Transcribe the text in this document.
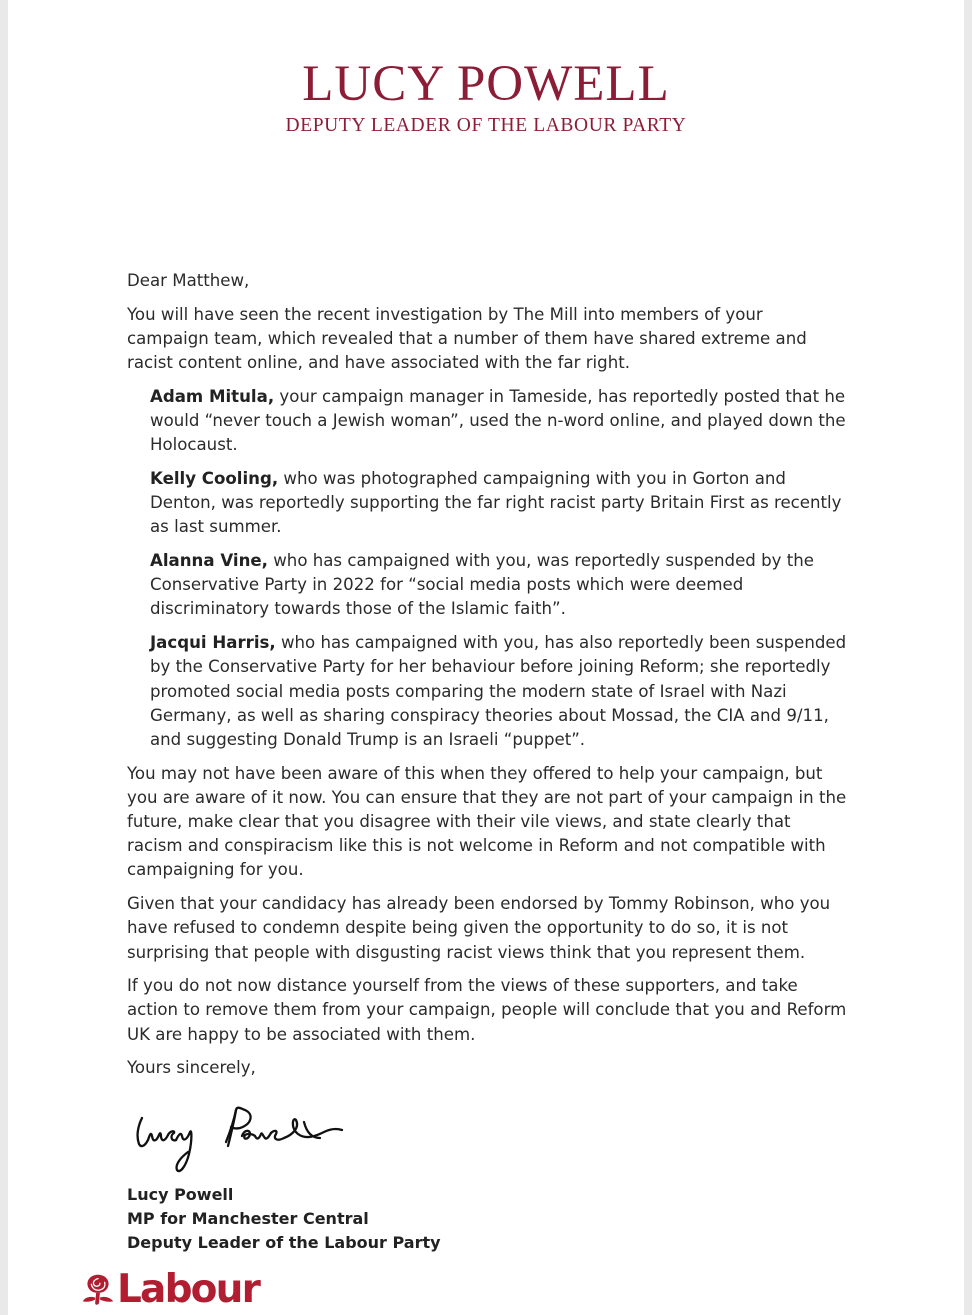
LUCY POWELL
DEPUTY LEADER OF THE LABOUR PARTY

Dear Matthew,

You will have seen the recent investigation by The Mill into members of your campaign team, which revealed that a number of them have shared extreme and racist content online, and have associated with the far right.

Adam Mitula, your campaign manager in Tameside, has reportedly posted that he would “never touch a Jewish woman”, used the n-word online, and played down the Holocaust.

Kelly Cooling, who was photographed campaigning with you in Gorton and Denton, was reportedly supporting the far right racist party Britain First as recently as last summer.

Alanna Vine, who has campaigned with you, was reportedly suspended by the Conservative Party in 2022 for “social media posts which were deemed discriminatory towards those of the Islamic faith”.

Jacqui Harris, who has campaigned with you, has also reportedly been suspended by the Conservative Party for her behaviour before joining Reform; she reportedly promoted social media posts comparing the modern state of Israel with Nazi Germany, as well as sharing conspiracy theories about Mossad, the CIA and 9/11, and suggesting Donald Trump is an Israeli “puppet”.

You may not have been aware of this when they offered to help your campaign, but you are aware of it now. You can ensure that they are not part of your campaign in the future, make clear that you disagree with their vile views, and state clearly that racism and conspiracism like this is not welcome in Reform and not compatible with campaigning for you.

Given that your candidacy has already been endorsed by Tommy Robinson, who you have refused to condemn despite being given the opportunity to do so, it is not surprising that people with disgusting racist views think that you represent them.

If you do not now distance yourself from the views of these supporters, and take action to remove them from your campaign, people will conclude that you and Reform UK are happy to be associated with them.

Yours sincerely,

Lucy Powell
MP for Manchester Central
Deputy Leader of the Labour Party
Labour
